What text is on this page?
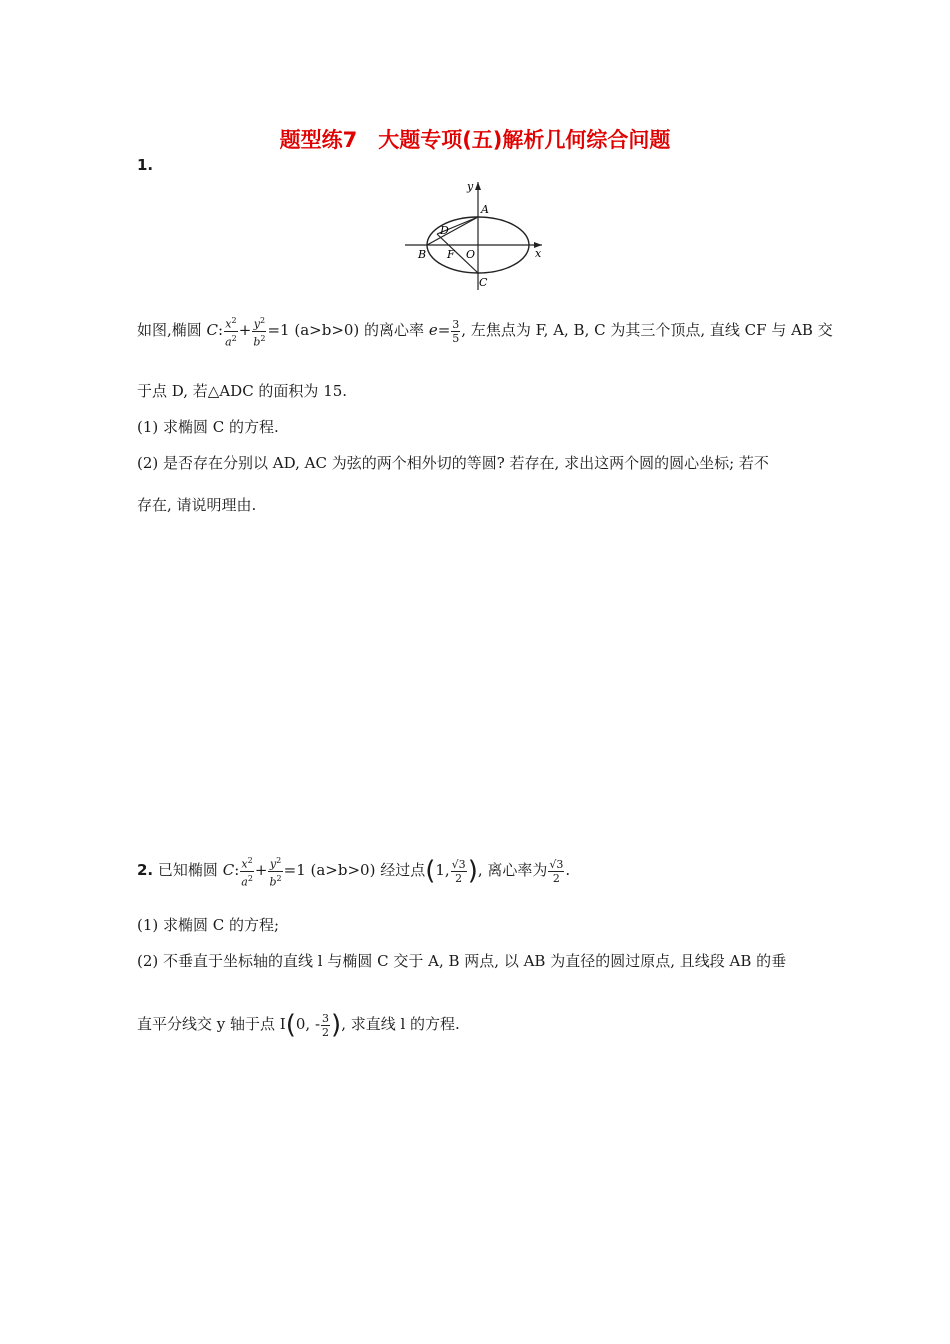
题型练7　大题专项(五)解析几何综合问题
1.
y
x
A
B
C
D
F O
如图,椭圆 C: $\frac{x^2}{a^2} + \frac{y^2}{b^2} =1$ (a>b>0) 的离心率 $e= \frac{3}{5}$ , 左焦点为 F, A, B, C 为其三个顶点, 直线 CF 与 AB 交
于点 D, 若△ADC 的面积为 15.
(1) 求椭圆 C 的方程.
(2) 是否存在分别以 AD, AC 为弦的两个相外切的等圆? 若存在, 求出这两个圆的圆心坐标; 若不
存在, 请说明理由.
2. 已知椭圆 C: $\frac{x^2}{a^2} + \frac{y^2}{b^2} =1$ (a>b>0) 经过点(1, $\frac{√3}{2}$ ), 离心率为 $\frac{√3}{2}$ .
(1) 求椭圆 C 的方程;
(2) 不垂直于坐标轴的直线 l 与椭圆 C 交于 A, B 两点, 以 AB 为直径的圆过原点, 且线段 AB 的垂
直平分线交 y 轴于点 I(0, - $\frac{3}{2}$ ), 求直线 l 的方程.
